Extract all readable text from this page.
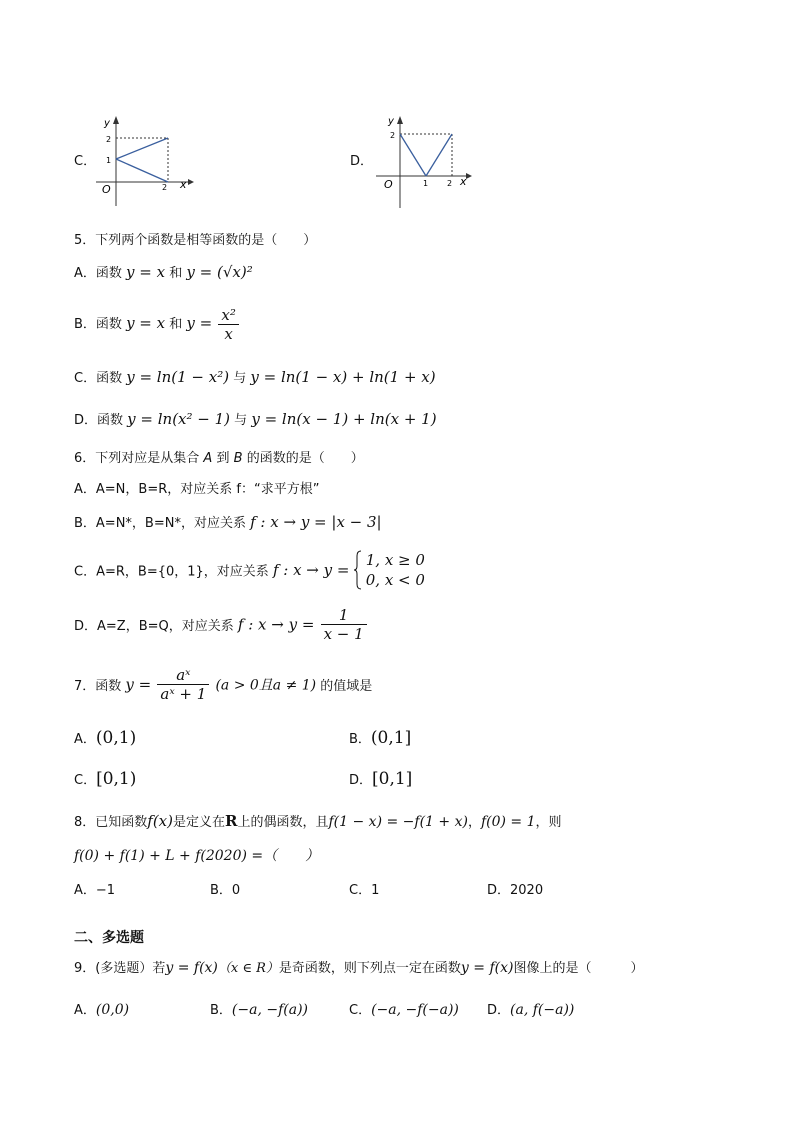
C．
y
x
O
2
1
2
D．
y
x
O
2
1 2
5．下列两个函数是相等函数的是（　　）
A．函数 y = x 和 y = (√x)²
B．函数 y = x 和 $y = \frac{\text{x²}}{x}$
C．函数 y = ln(1 − x²) 与 y = ln(1 − x) + ln(1 + x)
D．函数 y = ln(x² − 1) 与 y = ln(x − 1) + ln(x + 1)
6．下列对应是从集合 A 到 B 的函数的是（　　）
A．A=N，B=R，对应关系 f：“求平方根”
B．A=N*，B=N*，对应关系 f : x → y = |x − 3|
C．A=R，B={0，1}，对应关系 f : x → y =
1, x ≥ 0
0, x < 0
D．A=Z，B=Q，对应关系 f : $x \to y = \frac{1}{x - 1}$
7．函数 $y = \frac{\text{aˣ}}{\text{aˣ + 1}} (a > 0$且a ≠ 1) 的值域是
A．(0,1)	B．(0,1]
C．[0,1)	D．[0,1]
8．已知函数f(x)是定义在R上的偶函数，且f(1 − x) = −f(1 + x)，f(0) = 1，则
f(0) + f(1) + L + f(2020) =（　　）
A．−1	B．0	C．1	D．2020
二、多选题
9．(多选题）若y = f(x)（x ∈ R）是奇函数，则下列点一定在函数y = f(x)图像上的是（　　　）
A．(0,0)	B．(−a, −f(a))	C．(−a, −f(−a)) D．(a, f(−a))
